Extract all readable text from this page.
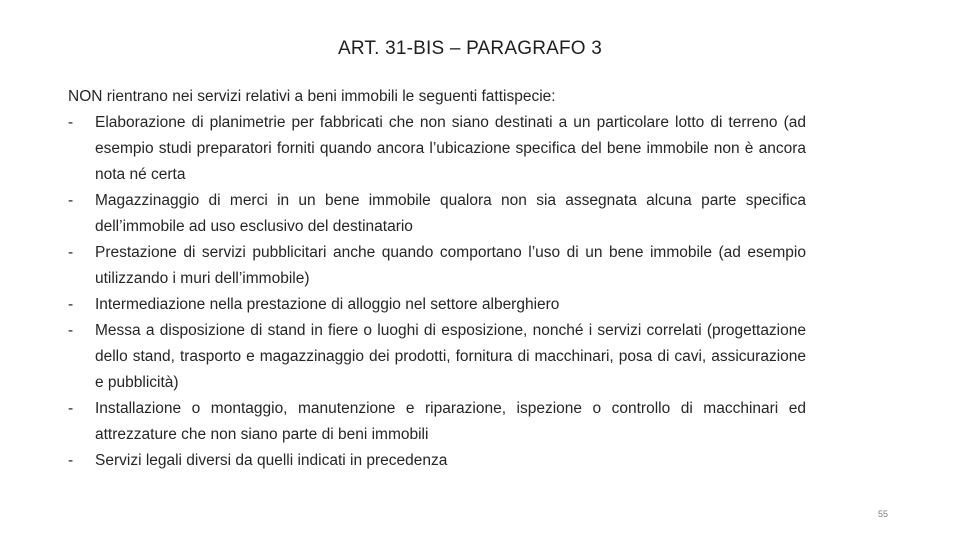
ART. 31-BIS – PARAGRAFO 3

NON rientrano nei servizi relativi a beni immobili le seguenti fattispecie:

-	Elaborazione di planimetrie per fabbricati che non siano destinati a un particolare lotto di terreno (ad esempio studi preparatori forniti quando ancora l’ubicazione specifica del bene immobile non è ancora nota né certa
-	Magazzinaggio di merci in un bene immobile qualora non sia assegnata alcuna parte specifica dell’immobile ad uso esclusivo del destinatario
-	Prestazione di servizi pubblicitari anche quando comportano l’uso di un bene immobile (ad esempio utilizzando i muri dell’immobile)
-	Intermediazione nella prestazione di alloggio nel settore alberghiero
-	Messa a disposizione di stand in fiere o luoghi di esposizione, nonché i servizi correlati (progettazione dello stand, trasporto e magazzinaggio dei prodotti, fornitura di macchinari, posa di cavi, assicurazione e pubblicità)
-	Installazione o montaggio, manutenzione e riparazione, ispezione o controllo di macchinari ed attrezzature che non siano parte di beni immobili
-	Servizi legali diversi da quelli indicati in precedenza
55
